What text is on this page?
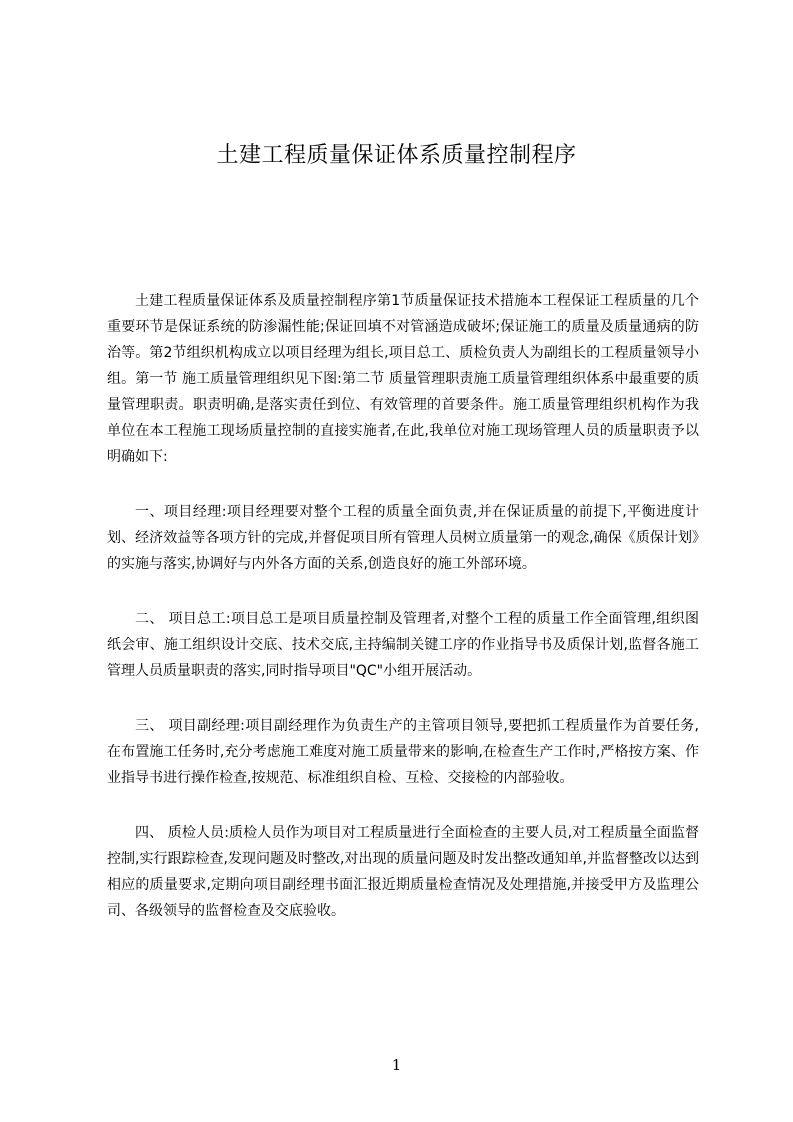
土建工程质量保证体系质量控制程序

土建工程质量保证体系及质量控制程序第1节质量保证技术措施本工程保证工程质量的几个重要环节是保证系统的防渗漏性能;保证回填不对管涵造成破坏;保证施工的质量及质量通病的防治等。第2节组织机构成立以项目经理为组长,项目总工、质检负责人为副组长的工程质量领导小组。第一节 施工质量管理组织见下图:第二节 质量管理职责施工质量管理组织体系中最重要的质量管理职责。职责明确,是落实责任到位、有效管理的首要条件。施工质量管理组织机构作为我单位在本工程施工现场质量控制的直接实施者,在此,我单位对施工现场管理人员的质量职责予以明确如下:

一、项目经理:项目经理要对整个工程的质量全面负责,并在保证质量的前提下,平衡进度计划、经济效益等各项方针的完成,并督促项目所有管理人员树立质量第一的观念,确保《质保计划》的实施与落实,协调好与内外各方面的关系,创造良好的施工外部环境。

二、 项目总工:项目总工是项目质量控制及管理者,对整个工程的质量工作全面管理,组织图纸会审、施工组织设计交底、技术交底,主持编制关键工序的作业指导书及质保计划,监督各施工管理人员质量职责的落实,同时指导项目"QC"小组开展活动。

三、 项目副经理:项目副经理作为负责生产的主管项目领导,要把抓工程质量作为首要任务,在布置施工任务时,充分考虑施工难度对施工质量带来的影响,在检查生产工作时,严格按方案、作业指导书进行操作检查,按规范、标准组织自检、互检、交接检的内部验收。

四、 质检人员:质检人员作为项目对工程质量进行全面检查的主要人员,对工程质量全面监督控制,实行跟踪检查,发现问题及时整改,对出现的质量问题及时发出整改通知单,并监督整改以达到相应的质量要求,定期向项目副经理书面汇报近期质量检查情况及处理措施,并接受甲方及监理公司、各级领导的监督检查及交底验收。

1
